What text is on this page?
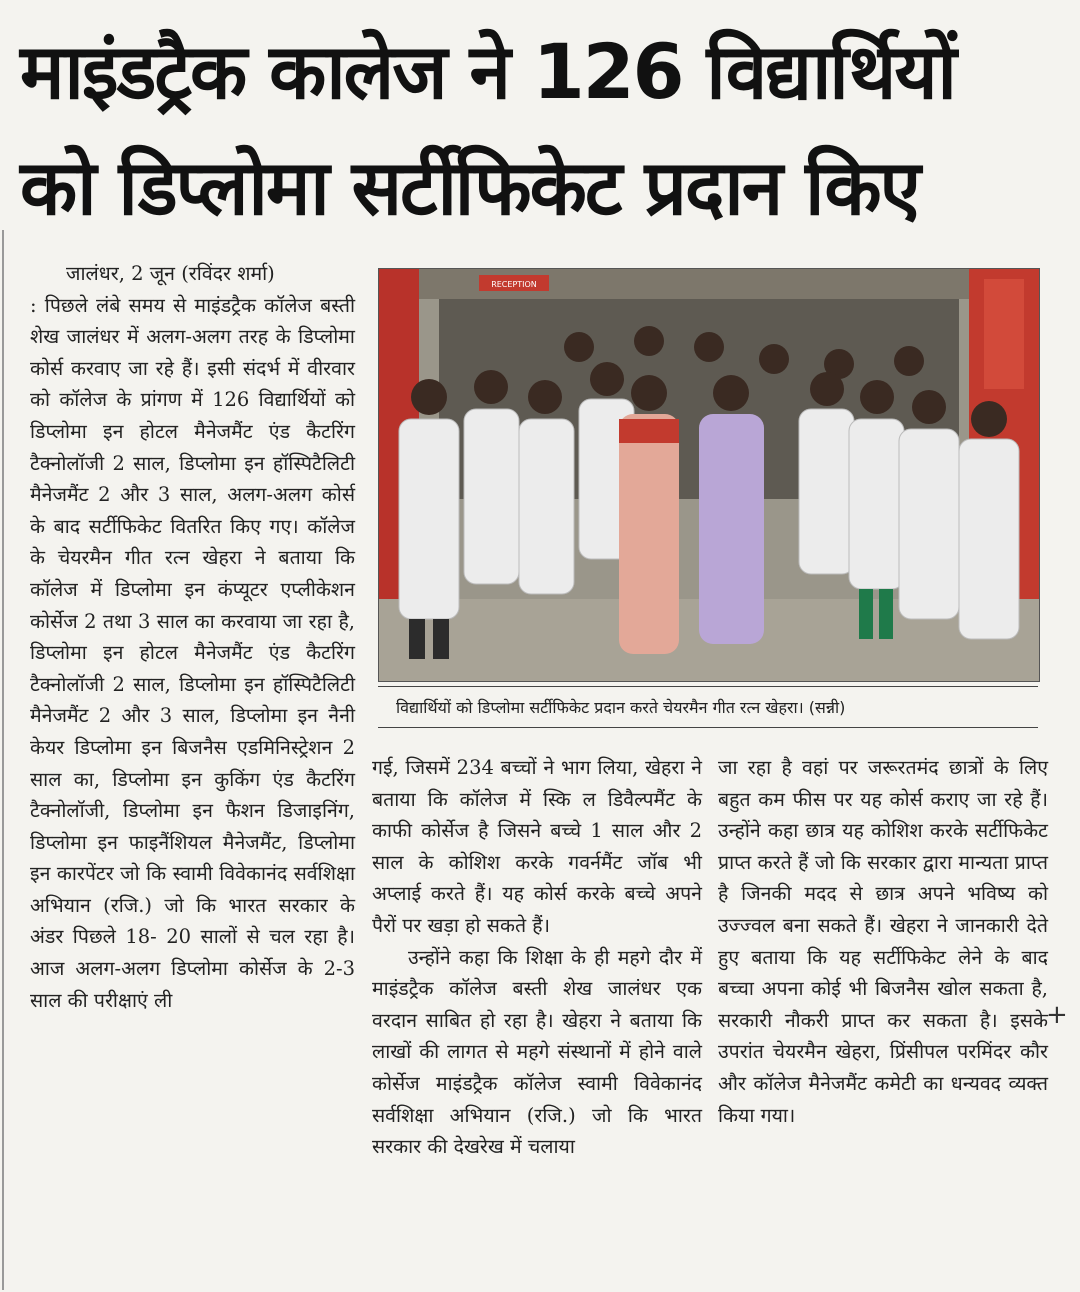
माइंडट्रैक कालेज ने 126 विद्यार्थियों
को डिप्लोमा सर्टीफिकेट प्रदान किए

जालंधर, 2 जून (रविंदर शर्मा)

: पिछले लंबे समय से माइंडट्रैक कॉलेज बस्ती शेख जालंधर में अलग-अलग तरह के डिप्लोमा कोर्स करवाए जा रहे हैं। इसी संदर्भ में वीरवार को कॉलेज के प्रांगण में 126 विद्यार्थियों को डिप्लोमा इन होटल मैनेजमैंट एंड कैटरिंग टैक्नोलॉजी 2 साल, डिप्लोमा इन हॉस्पिटैलिटी मैनेजमैंट 2 और 3 साल, अलग-अलग कोर्स के बाद सर्टीफिकेट वितरित किए गए। कॉलेज के चेयरमैन गीत रत्न खेहरा ने बताया कि कॉलेज में डिप्लोमा इन कंप्यूटर एप्लीकेशन कोर्सेज 2 तथा 3 साल का करवाया जा रहा है, डिप्लोमा इन होटल मैनेजमैंट एंड कैटरिंग टैक्नोलॉजी 2 साल, डिप्लोमा इन हॉस्पिटैलिटी मैनेजमैंट 2 और 3 साल, डिप्लोमा इन नैनी केयर डिप्लोमा इन बिजनैस एडमिनिस्ट्रेशन 2 साल का, डिप्लोमा इन कुकिंग एंड कैटरिंग टैक्नोलॉजी, डिप्लोमा इन फैशन डिजाइनिंग, डिप्लोमा इन फाइनैंशियल मैनेजमैंट, डिप्लोमा इन कारपेंटर जो कि स्वामी विवेकानंद सर्वशिक्षा अभियान (रजि.) जो कि भारत सरकार के अंडर पिछले 18- 20 सालों से चल रहा है। आज अलग-अलग डिप्लोमा कोर्सेज के 2-3 साल की परीक्षाएं ली

RECEPTION
विद्यार्थियों को डिप्लोमा सर्टीफिकेट प्रदान करते चेयरमैन गीत रत्न खेहरा। (सन्नी)

गई, जिसमें 234 बच्चों ने भाग लिया, खेहरा ने बताया कि कॉलेज में स्कि ल डिवैल्पमैंट के काफी कोर्सेज है जिसने बच्चे 1 साल और 2 साल के कोशिश करके गवर्नमैंट जॉब भी अप्लाई करते हैं। यह कोर्स करके बच्चे अपने पैरों पर खड़ा हो सकते हैं।

उन्होंने कहा कि शिक्षा के ही महगे दौर में माइंडट्रैक कॉलेज बस्ती शेख जालंधर एक वरदान साबित हो रहा है। खेहरा ने बताया कि लाखों की लागत से महगे संस्थानों में होने वाले कोर्सेज माइंडट्रैक कॉलेज स्वामी विवेकानंद सर्वशिक्षा अभियान (रजि.) जो कि भारत सरकार की देखरेख में चलाया

जा रहा है वहां पर जरूरतमंद छात्रों के लिए बहुत कम फीस पर यह कोर्स कराए जा रहे हैं। उन्होंने कहा छात्र यह कोशिश करके सर्टीफिकेट प्राप्त करते हैं जो कि सरकार द्वारा मान्यता प्राप्त है जिनकी मदद से छात्र अपने भविष्य को उज्ज्वल बना सकते हैं। खेहरा ने जानकारी देते हुए बताया कि यह सर्टीफिकेट लेने के बाद बच्चा अपना कोई भी बिजनैस खोल सकता है, सरकारी नौकरी प्राप्त कर सकता है। इसके उपरांत चेयरमैन खेहरा, प्रिंसीपल परमिंदर कौर और कॉलेज मैनेजमैंट कमेटी का धन्यवद व्यक्त किया गया।

+
